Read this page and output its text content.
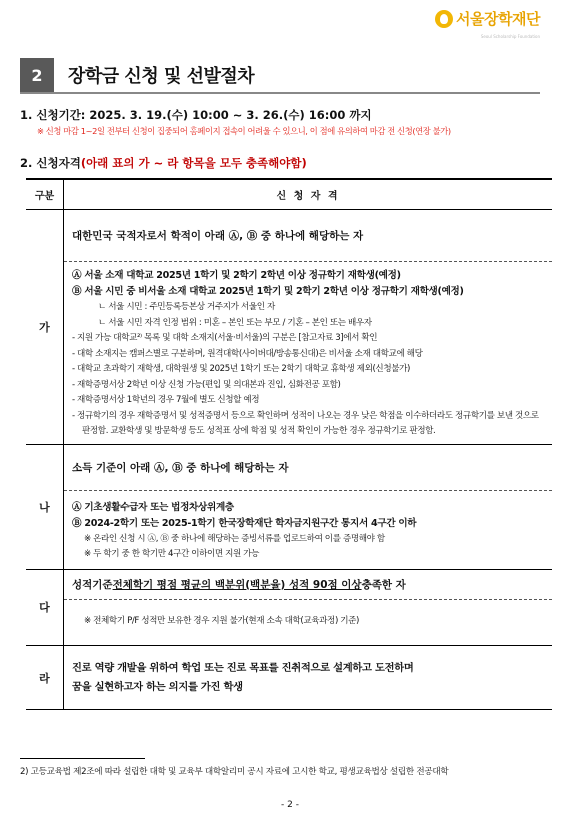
서울장학재단
Seoul Scholarship Foundation
2	장학금 신청 및 선발절차
1. 신청기간: 2025. 3. 19.(수) 10:00 ~ 3. 26.(수) 16:00 까지
※ 신청 마감 1~2일 전부터 신청이 집중되어 홈페이지 접속이 어려울 수 있으니, 이 점에 유의하여 마감 전 신청(연장 불가)
2. 신청자격(아래 표의 가 ~ 라 항목을 모두 충족해야함)
구분	신 청 자 격
가
대한민국 국적자로서 학적이 아래 Ⓐ, Ⓑ 중 하나에 해당하는 자
Ⓐ 서울 소재 대학교 2025년 1학기 및 2학기 2학년 이상 정규학기 재학생(예정)
Ⓑ 서울 시민 중 비서울 소재 대학교 2025년 1학기 및 2학기 2학년 이상 정규학기 재학생(예정)
ㄴ 서울 시민 : 주민등록등본상 거주지가 서울인 자
ㄴ 서울 시민 자격 인정 범위 : 미혼 – 본인 또는 부모 / 기혼 – 본인 또는 배우자
- 지원 가능 대학교²⁾ 목록 및 대학 소재지(서울·비서울)의 구분은 [참고자료 3]에서 확인
- 대학 소재지는 캠퍼스별로 구분하며, 원격대학(사이버대/방송통신대)은 비서울 소재 대학교에 해당
- 대학교 초과학기 재학생, 대학원생 및 2025년 1학기 또는 2학기 대학교 휴학생 제외(신청불가)
- 재학증명서상 2학년 이상 신청 가능(편입 및 의대본과 진입, 심화전공 포함)
- 재학증명서상 1학년의 경우 7월에 별도 신청할 예정
- 정규학기의 경우 재학증명서 및 성적증명서 등으로 확인하며 성적이 나오는 경우 낮은 학점을 이수하더라도 정규학기를 보낸 것으로 판정함. 교환학생 및 방문학생 등도 성적표 상에 학점 및 성적 확인이 가능한 경우 정규학기로 판정함.
나
소득 기준이 아래 Ⓐ, Ⓑ 중 하나에 해당하는 자
Ⓐ 기초생활수급자 또는 법정차상위계층
Ⓑ 2024-2학기 또는 2025-1학기 한국장학재단 학자금지원구간 통지서 4구간 이하
※ 온라인 신청 시 Ⓐ, Ⓑ 중 하나에 해당하는 증빙서류를 업로드하여 이를 증명해야 함
※ 두 학기 중 한 학기만 4구간 이하이면 지원 가능
다
성적기준 전체학기 평점 평균의 백분위(백분율) 성적 90점 이상 충족한 자
※ 전체학기 P/F 성적만 보유한 경우 지원 불가(현재 소속 대학(교육과정) 기준)
라
진로 역량 개발을 위하여 학업 또는 진로 목표를 진취적으로 설계하고 도전하며
꿈을 실현하고자 하는 의지를 가진 학생
2) 고등교육법 제2조에 따라 설립한 대학 및 교육부 대학알리미 공시 자료에 고시한 학교, 평생교육법상 설립한 전공대학
- 2 -
